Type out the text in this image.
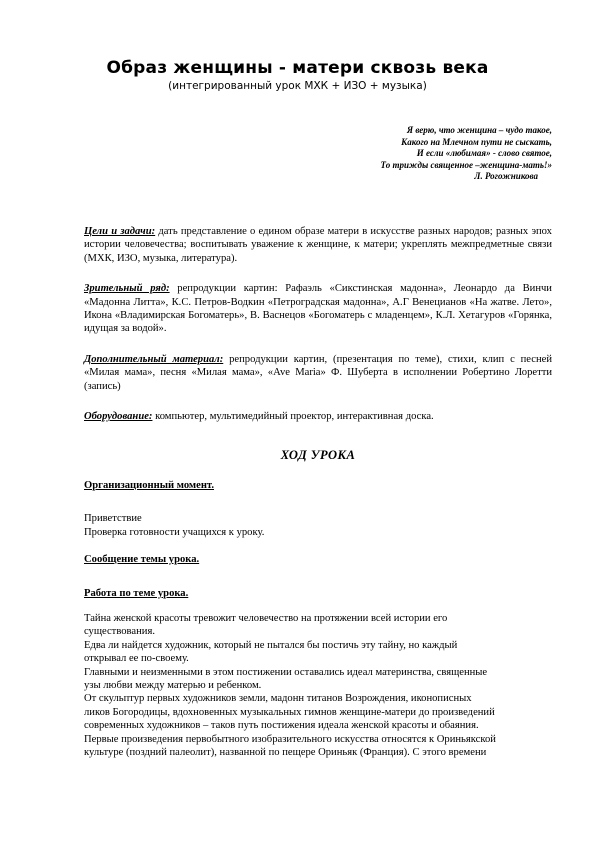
Образ женщины - матери сквозь века
(интегрированный урок МХК + ИЗО + музыка)
Я верю, что женщина – чудо такое,
Какого на Млечном пути не сыскать,
И если «любимая» - слово святое,
То трижды священное –женщина-мать!»
Л. Рогожникова

Цели и задачи: дать представление о едином образе матери в искусстве разных народов; разных эпох истории человечества; воспитывать уважение к женщине, к матери; укреплять межпредметные связи (МХК, ИЗО, музыка, литература).

Зрительный ряд: репродукции картин: Рафаэль «Сикстинская мадонна», Леонардо да Винчи «Мадонна Литта», К.С. Петров-Водкин «Петроградская мадонна», А.Г Венецианов «На жатве. Лето», Икона «Владимирская Богоматерь», В. Васнецов «Богоматерь с младенцем», К.Л. Хетагуров «Горянка, идущая за водой».

Дополнительный материал: репродукции картин, (презентация по теме), стихи, клип с песней «Милая мама», песня «Милая мама», «Ave Maria» Ф. Шуберта в исполнении Робертино Лоретти (запись)

Оборудование: компьютер, мультимедийный проектор, интерактивная доска.

ХОД УРОКА
Организационный момент.
Приветствие
Проверка готовности учащихся к уроку.
Сообщение темы урока.
Работа по теме урока.
Тайна женской красоты тревожит человечество на протяжении всей истории его
существования.
Едва ли найдется художник, который не пытался бы постичь эту тайну, но каждый
открывал ее по-своему.
Главными и неизменными в этом постижении оставались идеал материнства, священные
узы любви между матерью и ребенком.
От скульптур первых художников земли, мадонн титанов Возрождения, иконописных
ликов Богородицы, вдохновенных музыкальных гимнов женщине-матери до произведений
современных художников – таков путь постижения идеала женской красоты и обаяния.
Первые произведения первобытного изобразительного искусства относятся к Ориньякской
культуре (поздний палеолит), названной по пещере Ориньяк (Франция). С этого времени
